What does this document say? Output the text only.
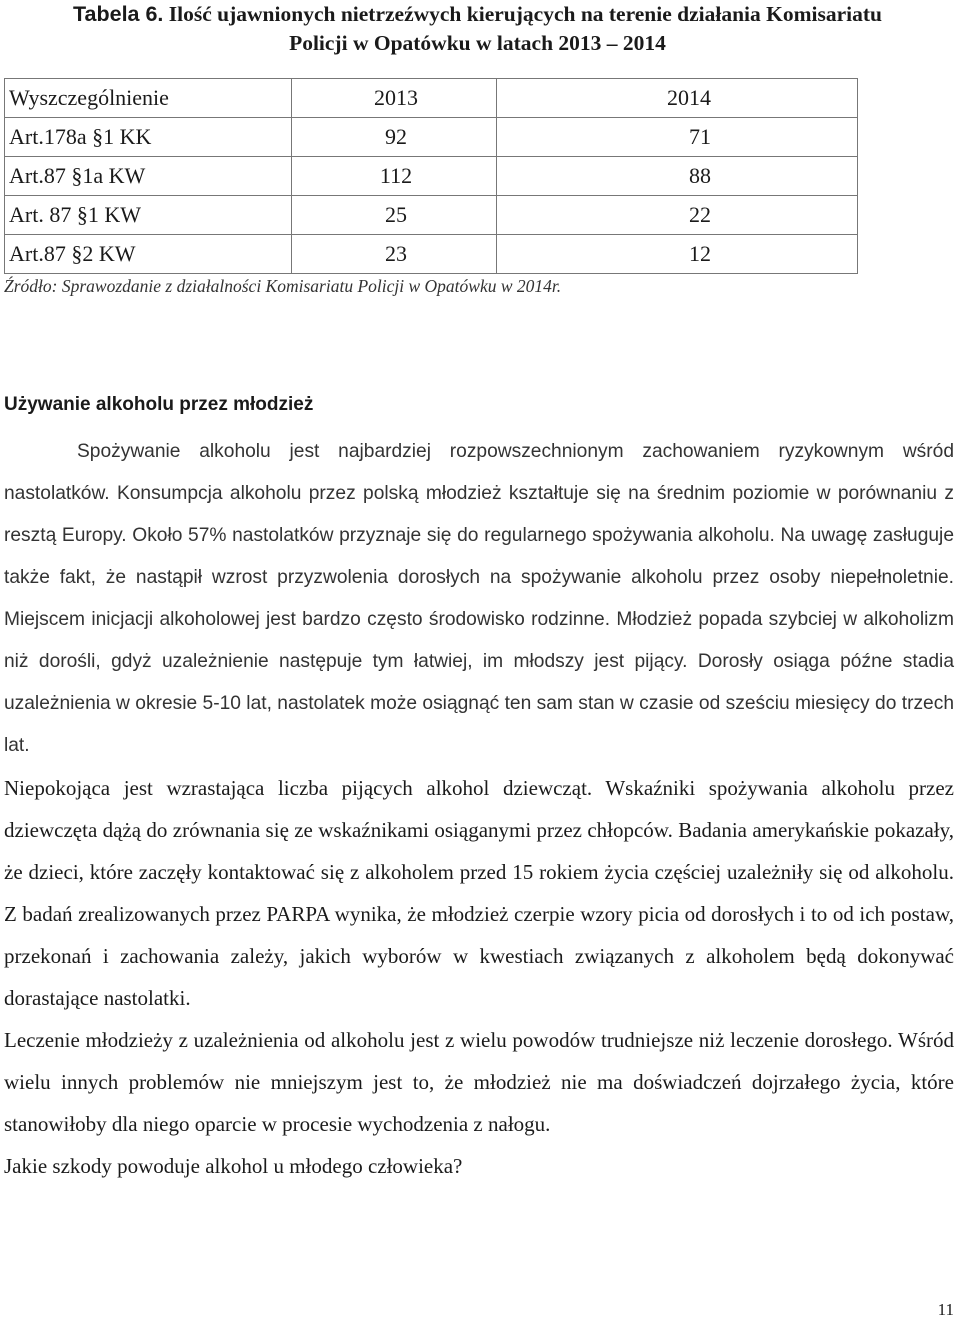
Tabela 6. Ilość ujawnionych nietrzeźwych kierujących na terenie działania Komisariatu
Policji w Opatówku w latach 2013 – 2014
Wyszczególnienie	2013	2014
Art.178a §1 KK	92	71
Art.87 §1a KW	112	88
Art. 87 §1 KW	25	22
Art.87 §2 KW	23	12
Źródło: Sprawozdanie z działalności Komisariatu Policji w Opatówku w 2014r.
Używanie alkoholu przez młodzież

Spożywanie alkoholu jest najbardziej rozpowszechnionym zachowaniem ryzykownym wśród nastolatków. Konsumpcja alkoholu przez polską młodzież kształtuje się na średnim poziomie w porównaniu z resztą Europy. Około 57% nastolatków przyznaje się do regularnego spożywania alkoholu. Na uwagę zasługuje także fakt, że nastąpił wzrost przyzwolenia dorosłych na spożywanie alkoholu przez osoby niepełnoletnie. Miejscem inicjacji alkoholowej jest bardzo często środowisko rodzinne. Młodzież popada szybciej w alkoholizm niż dorośli, gdyż uzależnienie następuje tym łatwiej, im młodszy jest pijący. Dorosły osiąga późne stadia uzależnienia w okresie 5-10 lat, nastolatek może osiągnąć ten sam stan w czasie od sześciu miesięcy do trzech lat.

Niepokojąca jest wzrastająca liczba pijących alkohol dziewcząt. Wskaźniki spożywania alkoholu przez dziewczęta dążą do zrównania się ze wskaźnikami osiąganymi przez chłopców. Badania amerykańskie pokazały, że dzieci, które zaczęły kontaktować się z alkoholem przed 15 rokiem życia częściej uzależniły się od alkoholu. Z badań zrealizowanych przez PARPA wynika, że młodzież czerpie wzory picia od dorosłych i to od ich postaw, przekonań i zachowania zależy, jakich wyborów w kwestiach związanych z alkoholem będą dokonywać dorastające nastolatki.

Leczenie młodzieży z uzależnienia od alkoholu jest z wielu powodów trudniejsze niż leczenie dorosłego. Wśród wielu innych problemów nie mniejszym jest to, że młodzież nie ma doświadczeń dojrzałego życia, które stanowiłoby dla niego oparcie w procesie wychodzenia z nałogu.

Jakie szkody powoduje alkohol u młodego człowieka?

11
